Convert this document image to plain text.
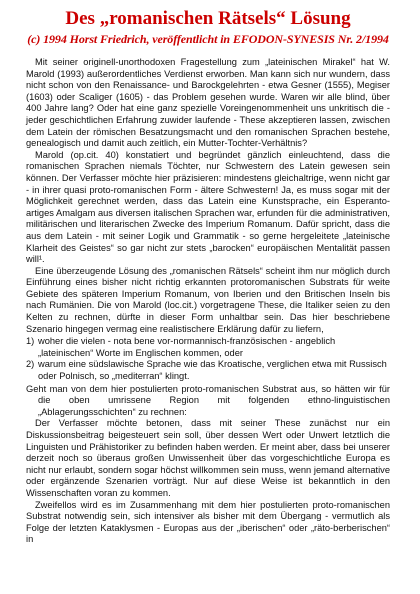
Des „romanischen Rätsels“ Lösung
(c) 1994 Horst Friedrich, veröffentlicht in EFODON-SYNESIS Nr. 2/1994

Mit seiner originell-unorthodoxen Fragestellung zum „lateinischen Mirakel“ hat W. Marold (1993) außerordentliches Verdienst erworben. Man kann sich nur wundern, dass nicht schon von den Renaissance- und Barockgelehrten - etwa Gesner (1555), Megiser (1603) oder Scaliger (1605) - das Problem gesehen wurde. Waren wir alle blind, über 400 Jahre lang? Oder hat eine ganz spezielle Voreingenommenheit uns unkritisch die - jeder geschichtlichen Erfahrung zuwider laufende - These akzeptieren lassen, zwischen dem Latein der römischen Besatzungsmacht und den romanischen Sprachen bestehe, genealogisch und damit auch zeitlich, ein Mutter-Tochter-Verhältnis?

Marold (op.cit. 40) konstatiert und begründet gänzlich einleuchtend, dass die romanischen Sprachen niemals Töchter, nur Schwestern des Latein gewesen sein können. Der Verfasser möchte hier präzisieren: mindestens gleichaltrige, wenn nicht gar - in ihrer quasi proto-romanischen Form - ältere Schwestern! Ja, es muss sogar mit der Möglichkeit gerechnet werden, dass das Latein eine Kunstsprache, ein Esperanto-artiges Amalgam aus diversen italischen Sprachen war, erfunden für die administrativen, militärischen und literarischen Zwecke des Imperium Romanum. Dafür spricht, dass die aus dem Latein - mit seiner Logik und Grammatik - so gerne hergeleitete „lateinische Klarheit des Geistes“ so gar nicht zur stets „barocken“ europäischen Mentalität passen will¹.

Eine überzeugende Lösung des „romanischen Rätsels“ scheint ihm nur möglich durch Einführung eines bisher nicht richtig erkannten protoromanischen Substrats für weite Gebiete des späteren Imperium Romanum, von Iberien und den Britischen Inseln bis nach Rumänien. Die von Marold (loc.cit.) vorgetragene These, die Italiker seien zu den Kelten zu rechnen, dürfte in dieser Form unhaltbar sein. Das hier beschriebene Szenario hingegen vermag eine realistischere Erklärung dafür zu liefern,

1) woher die vielen - nota bene vor-normannisch-französischen - angeblich „lateinischen“ Worte im Englischen kommen, oder
2) warum eine südslawische Sprache wie das Kroatische, verglichen etwa mit Russisch oder Polnisch, so „mediterran“ klingt.

Geht man von dem hier postulierten proto-romanischen Substrat aus, so hätten wir für die oben umrissene Region mit folgenden ethno-linguistischen „Ablagerungsschichten“ zu rechnen:

Der Verfasser möchte betonen, dass mit seiner These zunächst nur ein Diskussionsbeitrag beigesteuert sein soll, über dessen Wert oder Unwert letztlich die Linguisten und Prähistoriker zu befinden haben werden. Er meint aber, dass bei unserer derzeit noch so überaus großen Unwissenheit über das vorgeschichtliche Europa es nicht nur erlaubt, sondern sogar höchst willkommen sein muss, wenn jemand alternative oder ergänzende Szenarien vorträgt. Nur auf diese Weise ist bekanntlich in den Wissenschaften voran zu kommen.

Zweifellos wird es im Zusammenhang mit dem hier postulierten proto-romanischen Substrat notwendig sein, sich intensiver als bisher mit dem Übergang - vermutlich als Folge der letzten Kataklysmen - Europas aus der „iberischen“ oder „räto-berberischen“ in
